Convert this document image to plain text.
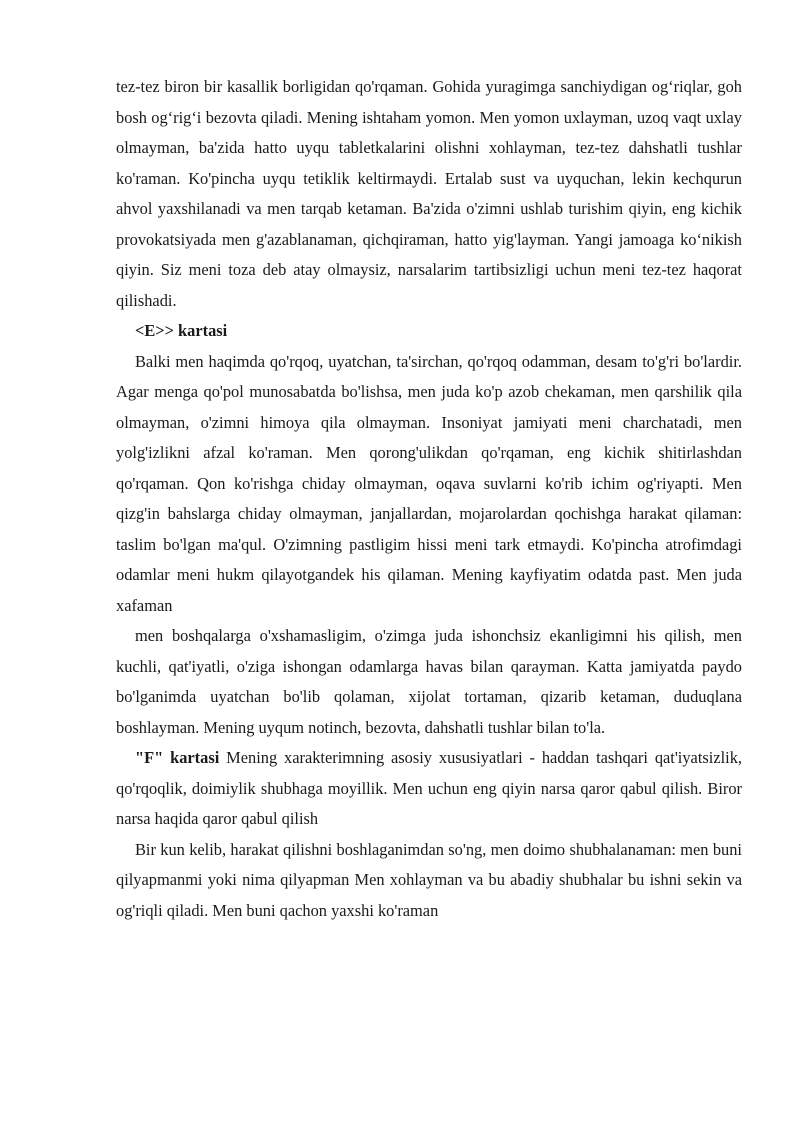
tez-tez biron bir kasallik borligidan qo'rqaman. Gohida yuragimga sanchiydigan og‘riqlar, goh bosh og‘rig‘i bezovta qiladi. Mening ishtaham yomon. Men yomon uxlayman, uzoq vaqt uxlay olmayman, ba'zida hatto uyqu tabletkalarini olishni xohlayman, tez-tez dahshatli tushlar ko'raman. Ko'pincha uyqu tetiklik keltirmaydi. Ertalab sust va uyquchan, lekin kechqurun ahvol yaxshilanadi va men tarqab ketaman. Ba'zida o'zimni ushlab turishim qiyin, eng kichik provokatsiyada men g'azablanaman, qichqiraman, hatto yig'layman. Yangi jamoaga ko‘nikish qiyin. Siz meni toza deb atay olmaysiz, narsalarim tartibsizligi uchun meni tez-tez haqorat qilishadi.

<E>> kartasi

Balki men haqimda qo'rqoq, uyatchan, ta'sirchan, qo'rqoq odamman, desam to'g'ri bo'lardir. Agar menga qo'pol munosabatda bo'lishsa, men juda ko'p azob chekaman, men qarshilik qila olmayman, o'zimni himoya qila olmayman. Insoniyat jamiyati meni charchatadi, men yolg'izlikni afzal ko'raman. Men qorong'ulikdan qo'rqaman, eng kichik shitirlashdan qo'rqaman. Qon ko'rishga chiday olmayman, oqava suvlarni ko'rib ichim og'riyapti. Men qizg'in bahslarga chiday olmayman, janjallardan, mojarolardan qochishga harakat qilaman: taslim bo'lgan ma'qul. O'zimning pastligim hissi meni tark etmaydi. Ko'pincha atrofimdagi odamlar meni hukm qilayotgandek his qilaman. Mening kayfiyatim odatda past. Men juda xafaman

men boshqalarga o'xshamasligim, o'zimga juda ishonchsiz ekanligimni his qilish, men kuchli, qat'iyatli, o'ziga ishongan odamlarga havas bilan qarayman. Katta jamiyatda paydo bo'lganimda uyatchan bo'lib qolaman, xijolat tortaman, qizarib ketaman, duduqlana boshlayman. Mening uyqum notinch, bezovta, dahshatli tushlar bilan to'la.

"F" kartasi Mening xarakterimning asosiy xususiyatlari - haddan tashqari qat'iyatsizlik, qo'rqoqlik, doimiylik shubhaga moyillik. Men uchun eng qiyin narsa qaror qabul qilish. Biror narsa haqida qaror qabul qilish

Bir kun kelib, harakat qilishni boshlaganimdan so'ng, men doimo shubhalanaman: men buni qilyapmanmi yoki nima qilyapman Men xohlayman va bu abadiy shubhalar bu ishni sekin va og'riqli qiladi. Men buni qachon yaxshi ko'raman
